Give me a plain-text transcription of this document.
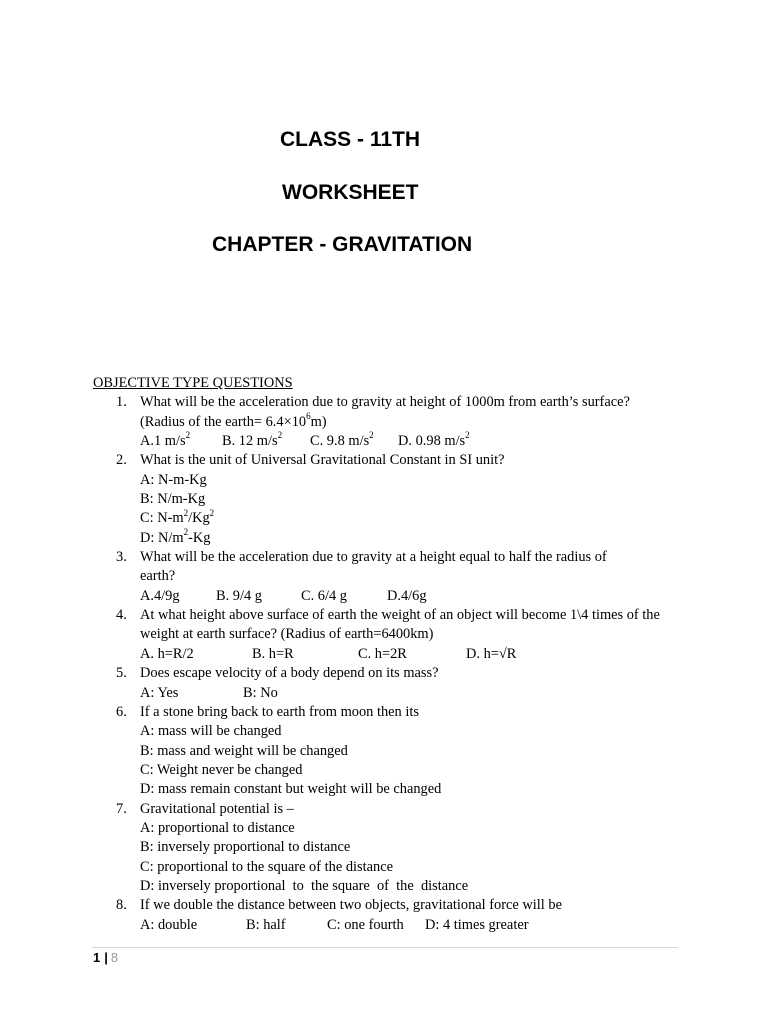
CLASS - 11TH
WORKSHEET
CHAPTER - GRAVITATION
OBJECTIVE TYPE QUESTIONS
1. What will be the acceleration due to gravity at height of 1000m from earth’s surface?
(Radius of the earth= $6.4\times 10^6m$)
A.1 $m/s^2$	B. 12 $m/s^2$	C. 9.8 $m/s^2$	D. 0.98 $m/s^2$
2. What is the unit of Universal Gravitational Constant in SI unit?
A: N-m-Kg
B: N/m-Kg
C: $N-m^2/Kg^2$
D: $N/m^2-Kg$
3. What will be the acceleration due to gravity at a height equal to half the radius of
earth?
A.4/9g	B. 9/4 g	C. 6/4 g	D.4/6g
4. At what height above surface of earth the weight of an object will become 1\4 times of the
weight at earth surface? (Radius of earth=6400km)
A. h=R/2	B. h=R	C. h=2R	D. h=√R
5. Does escape velocity of a body depend on its mass?
A: Yes	B: No
6. If a stone bring back to earth from moon then its
A: mass will be changed
B: mass and weight will be changed
C: Weight never be changed
D: mass remain constant but weight will be changed
7. Gravitational potential is –
A: proportional to distance
B: inversely proportional to distance
C: proportional to the square of the distance
D: inversely proportional  to  the square  of  the  distance
8. If we double the distance between two objects, gravitational force will be
A: double	B: half	C: one fourth	D: 4 times greater
1 | 8
